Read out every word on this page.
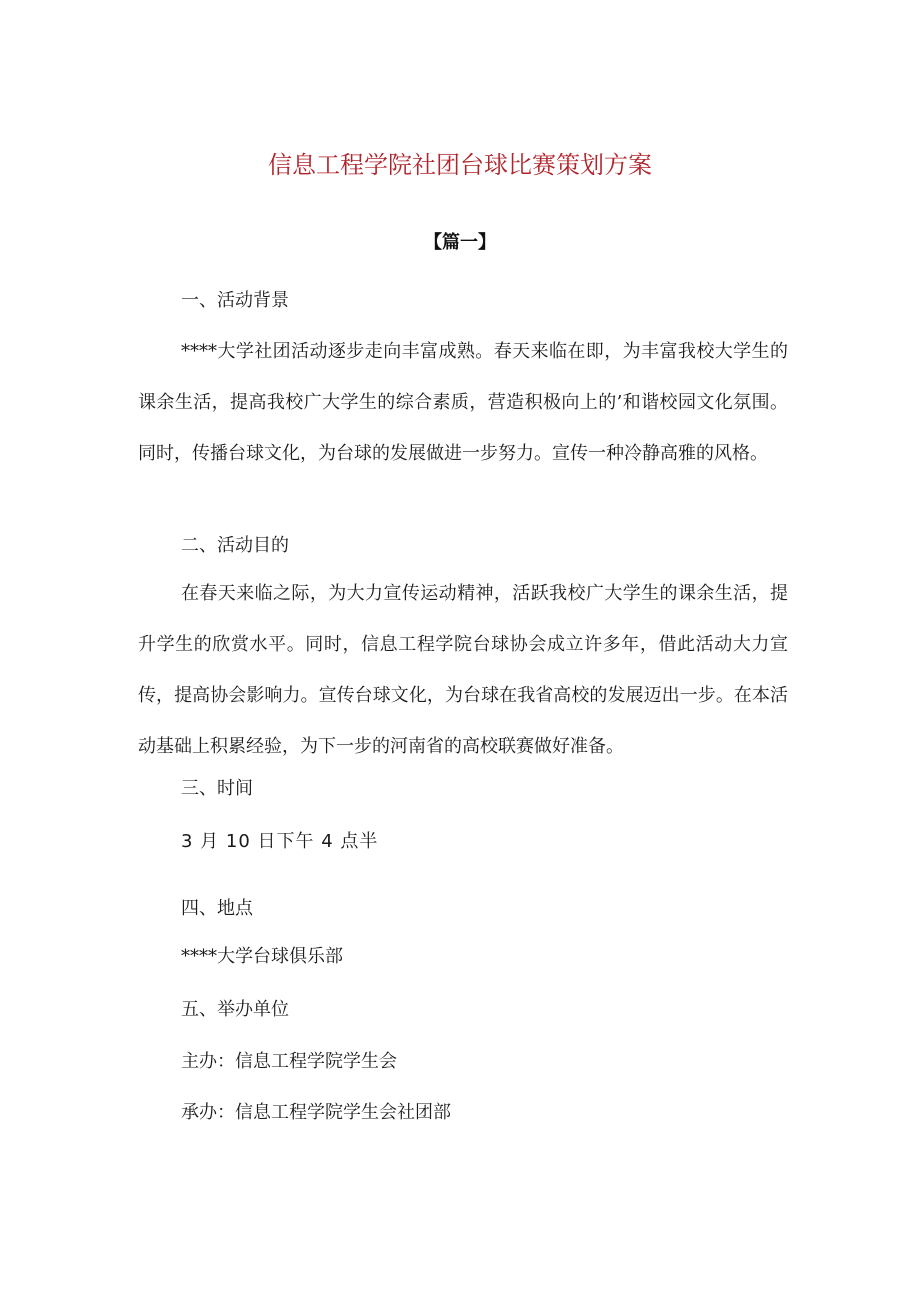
信息工程学院社团台球比赛策划方案
【篇一】
一、活动背景
****大学社团活动逐步走向丰富成熟。春天来临在即，为丰富我校大学生的课余生活，提高我校广大学生的综合素质，营造积极向上的’和谐校园文化氛围。同时，传播台球文化，为台球的发展做进一步努力。宣传一种冷静高雅的风格。
二、活动目的
在春天来临之际，为大力宣传运动精神，活跃我校广大学生的课余生活，提升学生的欣赏水平。同时，信息工程学院台球协会成立许多年，借此活动大力宣传，提高协会影响力。宣传台球文化，为台球在我省高校的发展迈出一步。在本活动基础上积累经验，为下一步的河南省的高校联赛做好准备。
三、时间
3 月 10 日下午 4 点半
四、地点
****大学台球俱乐部
五、举办单位
主办：信息工程学院学生会
承办：信息工程学院学生会社团部
